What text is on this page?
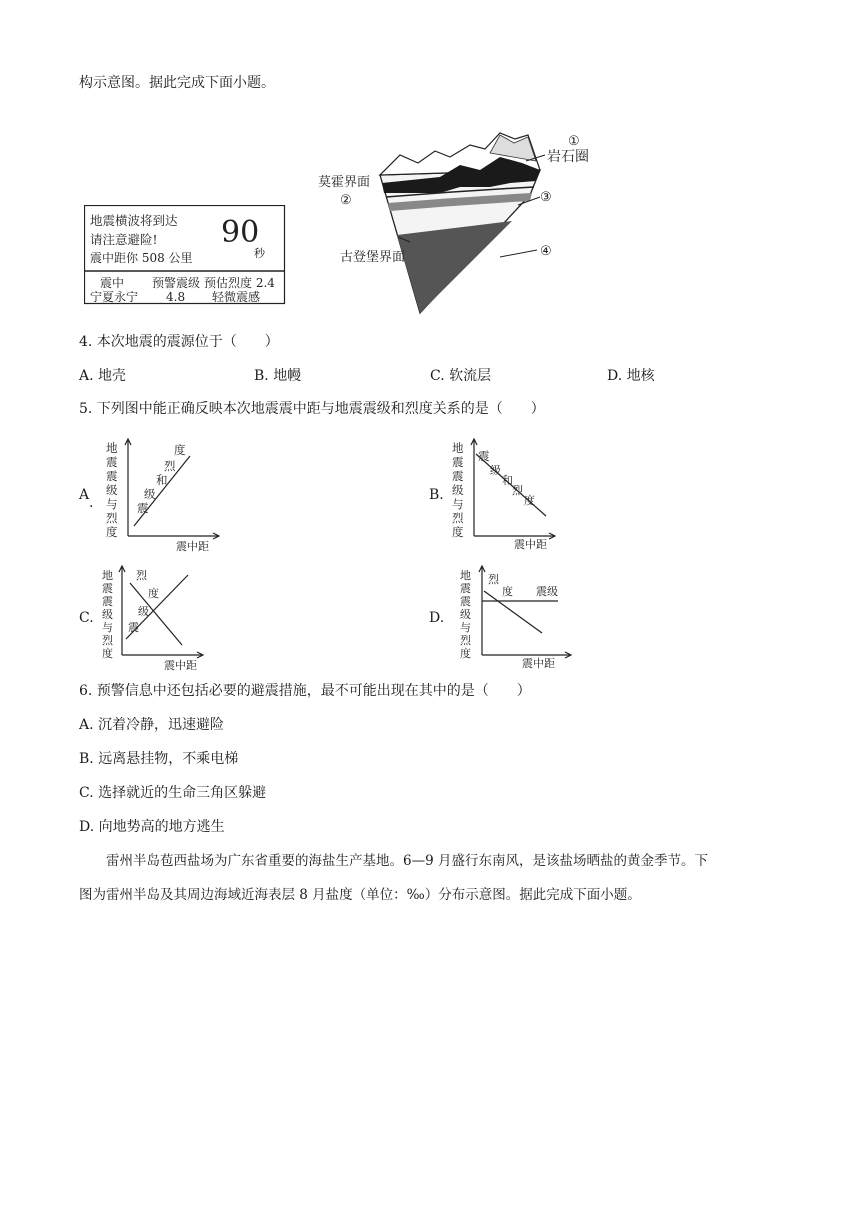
构示意图。据此完成下面小题。
地震横波将到达
请注意避险!
震中距你 508 公里
90
秒
震中 预警震级 预估烈度 2.4
宁夏永宁 4.8 轻微震感
①
岩石圈
莫霍界面
②	③
古登堡界面	④
4. 本次地震的震源位于（　　）
A. 地壳	B. 地幔	C. 软流层	D. 地核
5. 下列图中能正确反映本次地震震中距与地震震级和烈度关系的是（　　）
A .
地
震
震
级
与
烈
度
度
烈
和
级
震
震中距
B.
地
震
震
级
与
烈
度
震
级
和
烈
度
震中距
C.
地
震
震
级
与
烈
度
烈
度
级
震
震中距
D.
地
震
震
级
与
烈
度
烈
度 震级
震中距
6. 预警信息中还包括必要的避震措施，最不可能出现在其中的是（　　）
A. 沉着冷静，迅速避险
B. 远离悬挂物，不乘电梯
C. 选择就近的生命三角区躲避
D. 向地势高的地方逃生
雷州半岛苞西盐场为广东省重要的海盐生产基地。6—9 月盛行东南风，是该盐场晒盐的黄金季节。下
图为雷州半岛及其周边海域近海表层 8 月盐度（单位：‰）分布示意图。据此完成下面小题。
